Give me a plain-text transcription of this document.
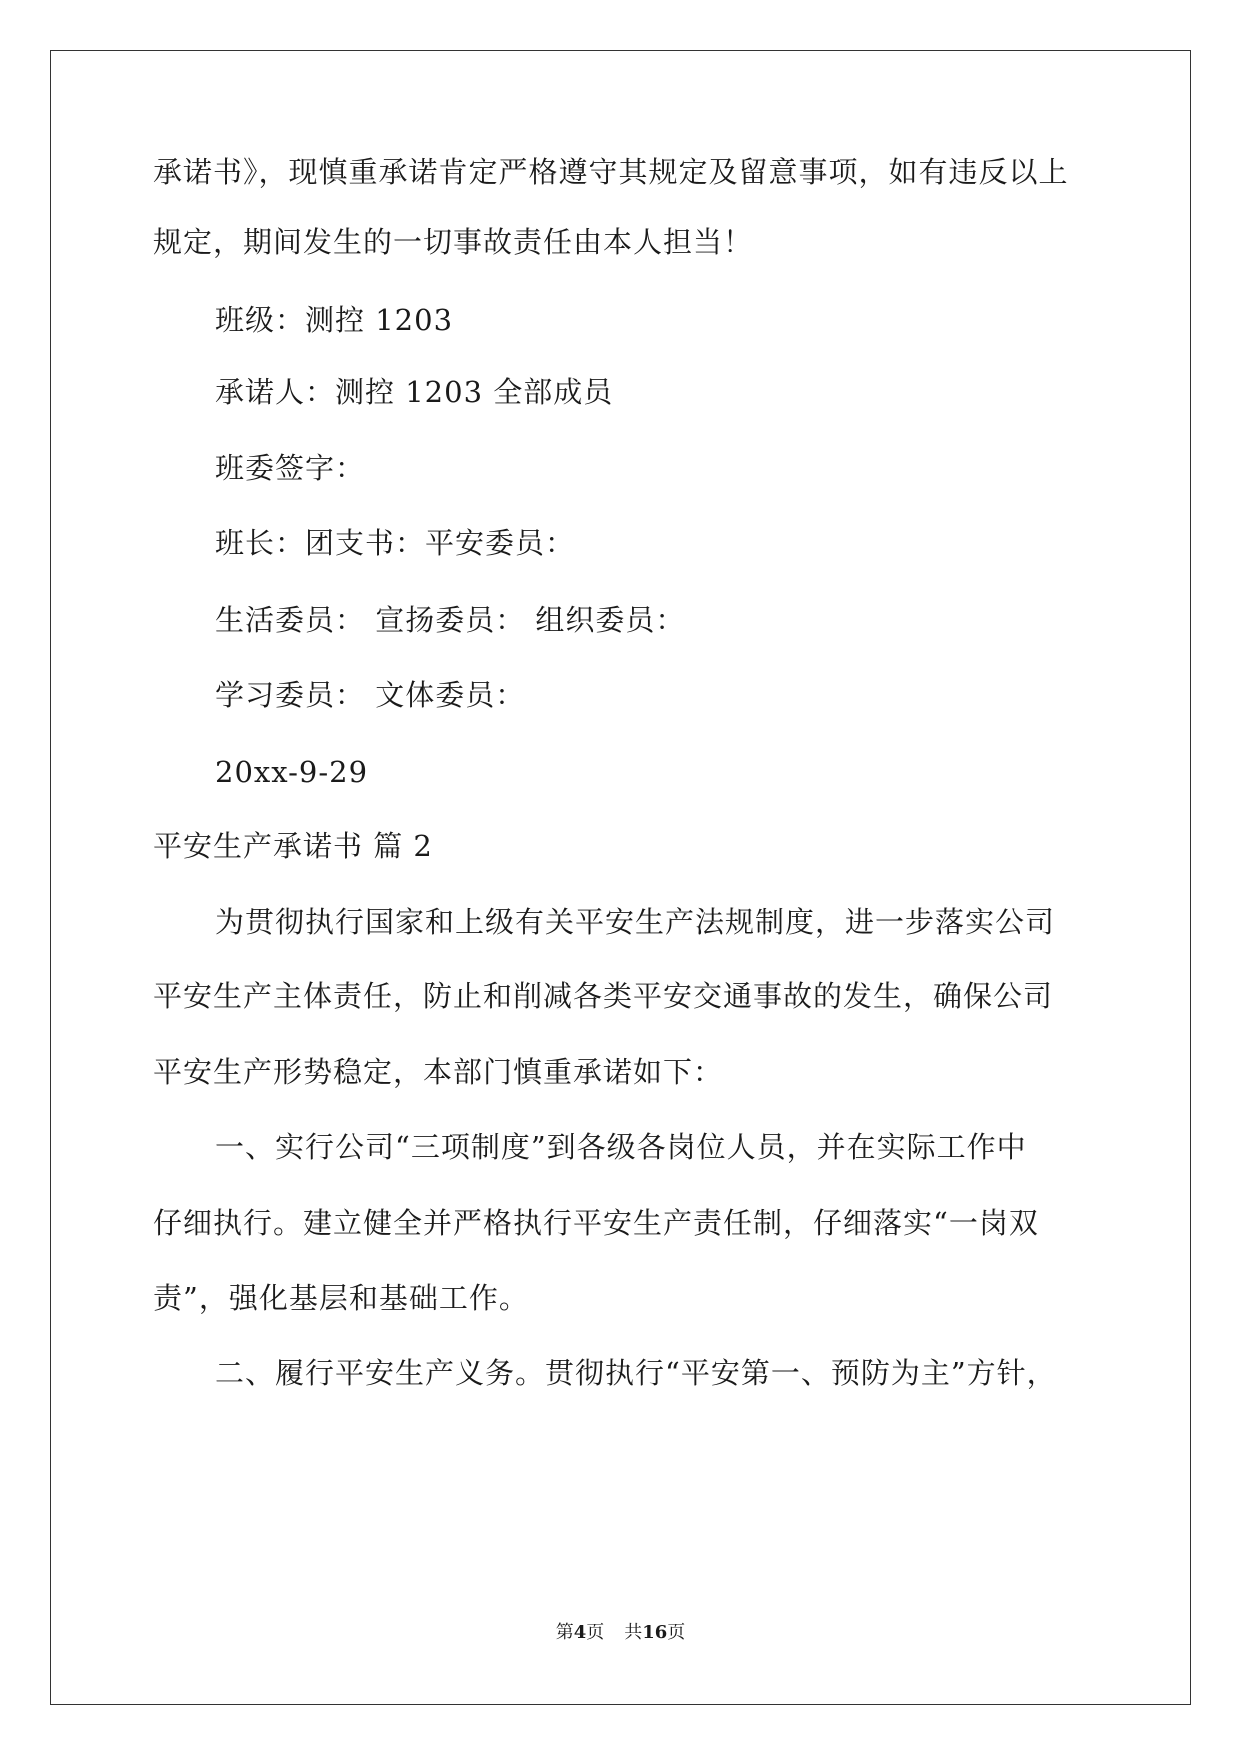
承诺书》，现慎重承诺肯定严格遵守其规定及留意事项，如有违反以上
规定，期间发生的一切事故责任由本人担当！
班级：测控 1203
承诺人：测控 1203 全部成员
班委签字：
班长：团支书：平安委员：
生活委员： 宣扬委员： 组织委员：
学习委员： 文体委员：
20xx-9-29
平安生产承诺书 篇 2
为贯彻执行国家和上级有关平安生产法规制度，进一步落实公司
平安生产主体责任，防止和削减各类平安交通事故的发生，确保公司
平安生产形势稳定，本部门慎重承诺如下：
一、实行公司“三项制度”到各级各岗位人员，并在实际工作中
仔细执行。建立健全并严格执行平安生产责任制，仔细落实“一岗双
责”，强化基层和基础工作。
二、履行平安生产义务。贯彻执行“平安第一、预防为主”方针，
第4页 共16页
